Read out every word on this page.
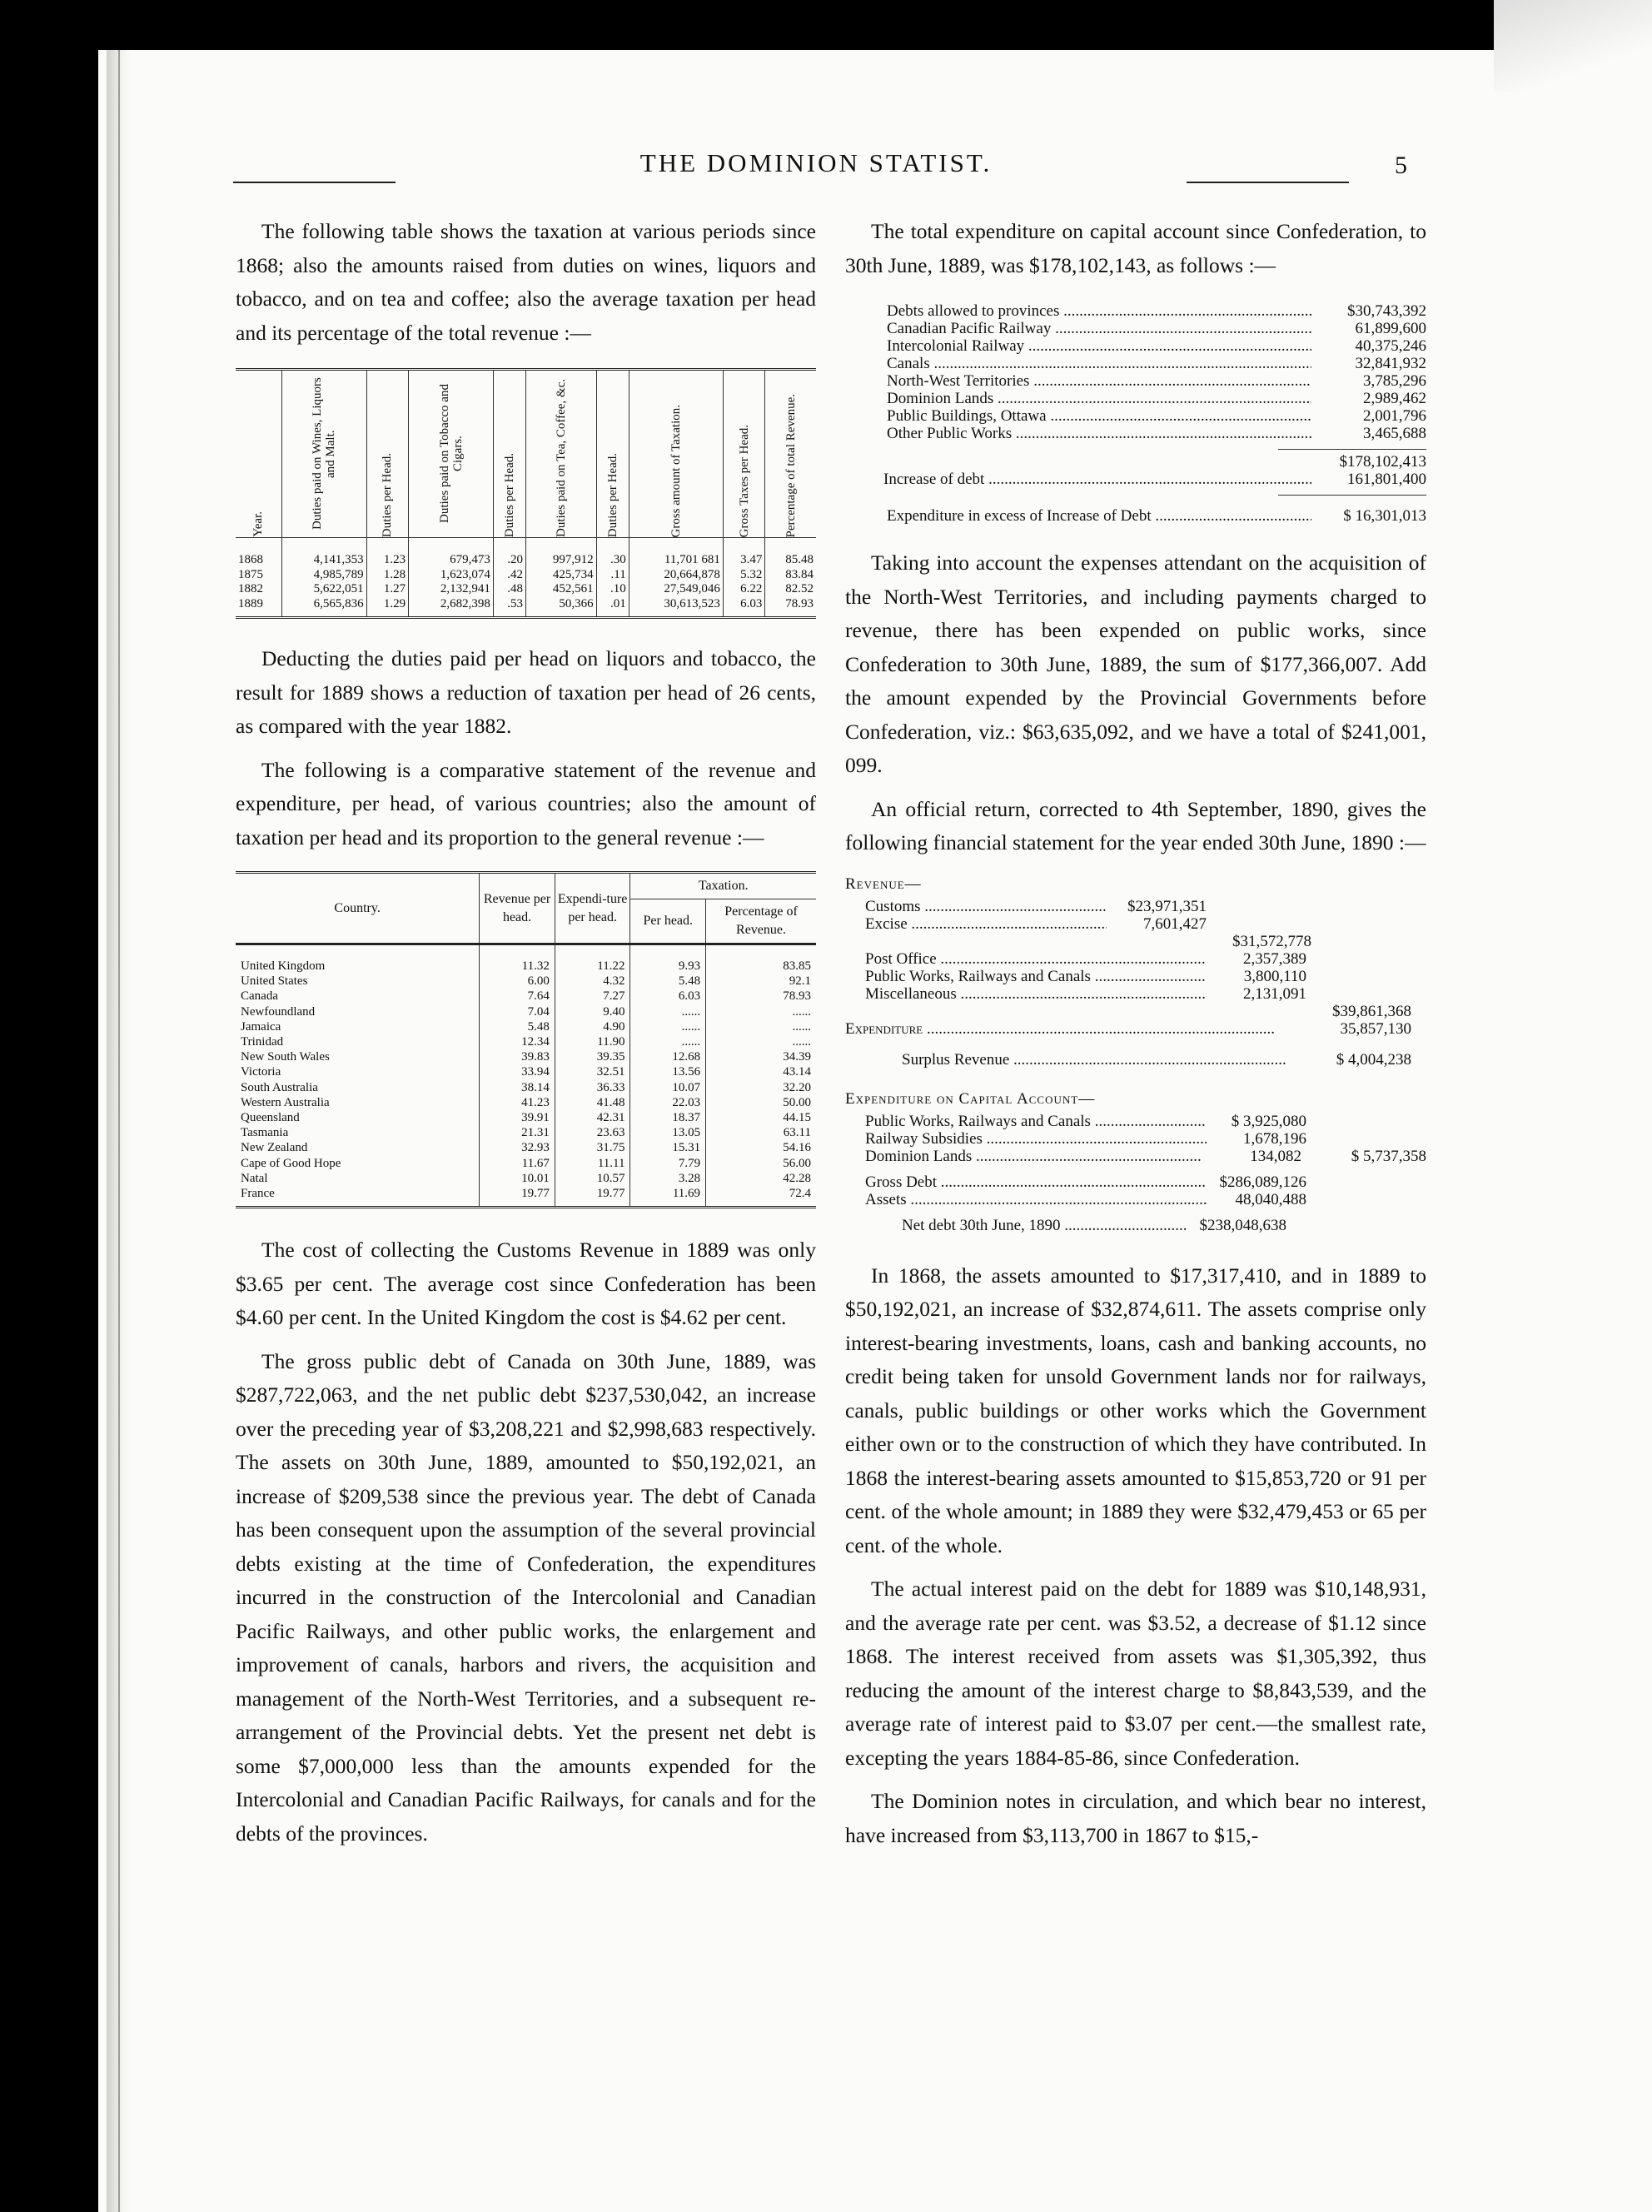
THE DOMINION STATIST.	5

The following table shows the taxation at various periods since 1868; also the amounts raised from duties on wines, liquors and tobacco, and on tea and coffee; also the average taxation per head and its percentage of the total revenue :—

Year.	Duties paid on Wines, Liquors and Malt.	Duties per Head.	Duties paid on Tobacco and Cigars.	Duties per Head.	Duties paid on Tea, Coffee, &c.	Duties per Head.	Gross amount of Taxation.	Gross Taxes per Head.	Percentage of total Revenue.

1868	4,141,353	1.23	679,473	.20	997,912	.30	11,701 681	3.47	85.48
1875	4,985,789	1.28	1,623,074	.42	425,734	.11	20,664,878	5.32	83.84
1882	5,622,051	1.27	2,132,941	.48	452,561	.10	27,549,046	6.22	82.52
1889	6,565,836	1.29	2,682,398	.53	50,366	.01	30,613,523	6.03	78.93

Deducting the duties paid per head on liquors and tobacco, the result for 1889 shows a reduction of taxation per head of 26 cents, as compared with the year 1882.

The following is a comparative statement of the revenue and expenditure, per head, of various countries; also the amount of taxation per head and its proportion to the general revenue :—

Country.	Revenue per head.	Expendi-ture per head.	Taxation.	
			Per head.	Percentage of Revenue.
United Kingdom	11.32	11.22	9.93	83.85
United States	6.00	4.32	5.48	92.1
Canada	7.64	7.27	6.03	78.93
Newfoundland	7.04	9.40	......	......
Jamaica	5.48	4.90	......	......
Trinidad	12.34	11.90	......	......
New South Wales	39.83	39.35	12.68	34.39
Victoria	33.94	32.51	13.56	43.14
South Australia	38.14	36.33	10.07	32.20
Western Australia	41.23	41.48	22.03	50.00
Queensland	39.91	42.31	18.37	44.15
Tasmania	21.31	23.63	13.05	63.11
New Zealand	32.93	31.75	15.31	54.16
Cape of Good Hope	11.67	11.11	7.79	56.00
Natal	10.01	10.57	3.28	42.28
France	19.77	19.77	11.69	72.4

The cost of collecting the Customs Revenue in 1889 was only $3.65 per cent. The average cost since Confederation has been $4.60 per cent. In the United Kingdom the cost is $4.62 per cent.

The gross public debt of Canada on 30th June, 1889, was $287,722,063, and the net public debt $237,530,042, an increase over the preceding year of $3,208,221 and $2,998,683 respectively. The assets on 30th June, 1889, amounted to $50,192,021, an increase of $209,538 since the previous year. The debt of Canada has been consequent upon the assumption of the several provincial debts existing at the time of Confederation, the expenditures incurred in the construction of the Intercolonial and Canadian Pacific Railways, and other public works, the enlargement and improvement of canals, harbors and rivers, the acquisition and management of the North-West Territories, and a subsequent re-arrangement of the Provincial debts. Yet the present net debt is some $7,000,000 less than the amounts expended for the Intercolonial and Canadian Pacific Railways, for canals and for the debts of the provinces.

The total expenditure on capital account since Confederation, to 30th June, 1889, was $178,102,143, as follows :—

Debts allowed to provinces .....	$30,743,392
Canadian Pacific Railway .....	61,899,600
Intercolonial Railway .....	40,375,246
Canals .....	32,841,932
North-West Territories .....	3,785,296
Dominion Lands .....	2,989,462
Public Buildings, Ottawa .....	2,001,796
Other Public Works .....	3,465,688
$178,102,413
Increase of debt .....	161,801,400
Expenditure in excess of Increase of Debt .....	$ 16,301,013

Taking into account the expenses attendant on the acquisition of the North-West Territories, and including payments charged to revenue, there has been expended on public works, since Confederation to 30th June, 1889, the sum of $177,366,007. Add the amount expended by the Provincial Governments before Confederation, viz.: $63,635,092, and we have a total of $241,001, 099.

An official return, corrected to 4th September, 1890, gives the following financial statement for the year ended 30th June, 1890 :—

Revenue—
Customs .....	$23,971,351
Excise .....	7,601,427
$31,572,778
Post Office .....	2,357,389
Public Works, Railways and Canals .....	3,800,110
Miscellaneous .....	2,131,091
$39,861,368
Expenditure .....	35,857,130
Surplus Revenue .....	$ 4,004,238
Expenditure on Capital Account—
Public Works, Railways and Canals .....	$ 3,925,080
Railway Subsidies .....	1,678,196
Dominion Lands .....	134,082	$ 5,737,358
Gross Debt .....	$286,089,126
Assets .....	48,040,488
Net debt 30th June, 1890 .....	$238,048,638

In 1868, the assets amounted to $17,317,410, and in 1889 to $50,192,021, an increase of $32,874,611. The assets comprise only interest-bearing investments, loans, cash and banking accounts, no credit being taken for unsold Government lands nor for railways, canals, public buildings or other works which the Government either own or to the construction of which they have contributed. In 1868 the interest-bearing assets amounted to $15,853,720 or 91 per cent. of the whole amount; in 1889 they were $32,479,453 or 65 per cent. of the whole.

The actual interest paid on the debt for 1889 was $10,148,931, and the average rate per cent. was $3.52, a decrease of $1.12 since 1868. The interest received from assets was $1,305,392, thus reducing the amount of the interest charge to $8,843,539, and the average rate of interest paid to $3.07 per cent.—the smallest rate, excepting the years 1884-85-86, since Confederation.

The Dominion notes in circulation, and which bear no interest, have increased from $3,113,700 in 1867 to $15,-
